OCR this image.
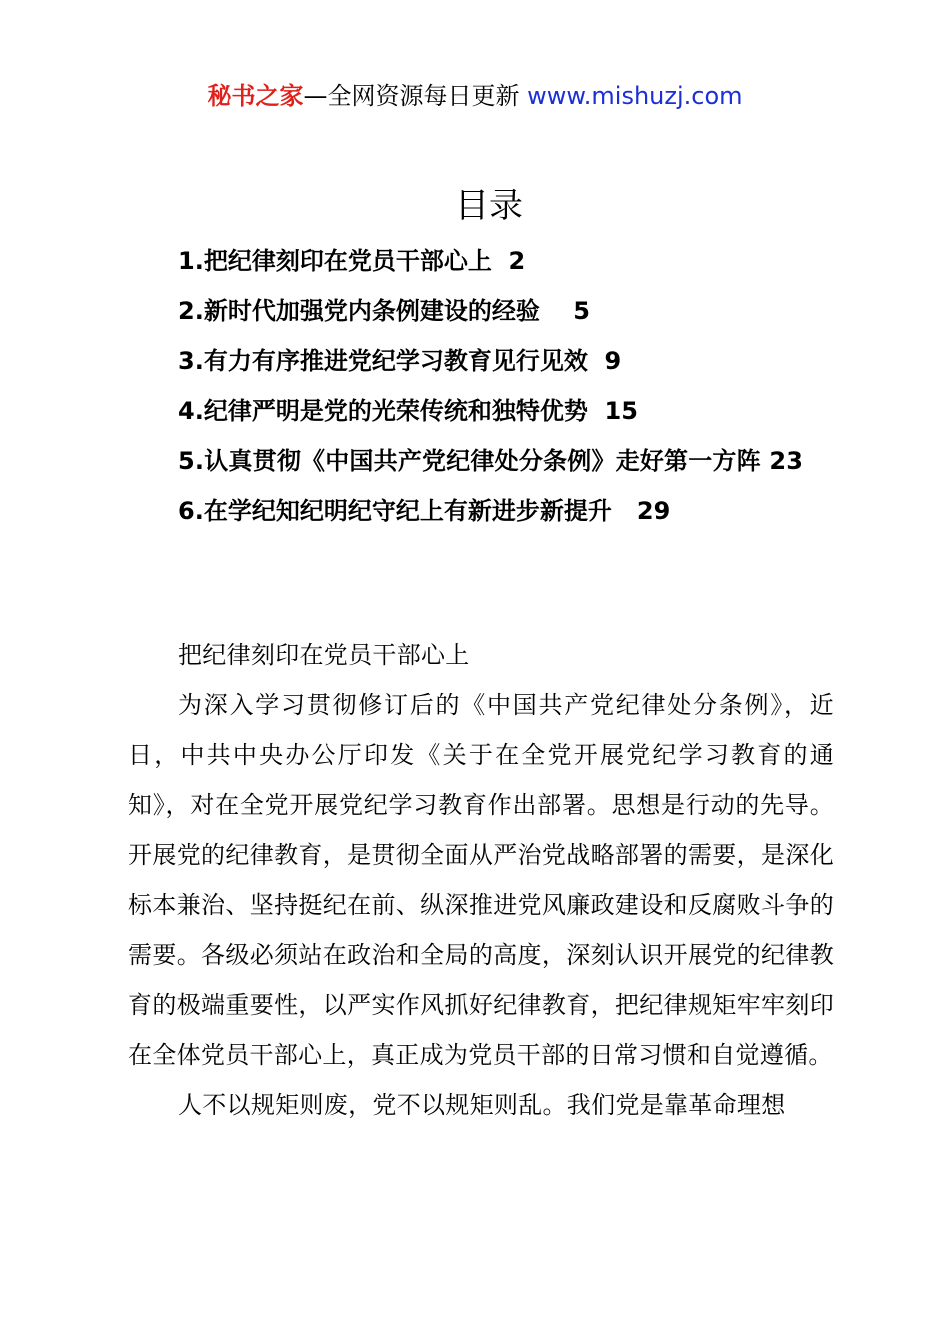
秘书之家—全网资源每日更新 www.mishuzj.com
目录
1.把纪律刻印在党员干部心上  2
2.新时代加强党内条例建设的经验    5
3.有力有序推进党纪学习教育见行见效  9
4.纪律严明是党的光荣传统和独特优势  15
5.认真贯彻《中国共产党纪律处分条例》走好第一方阵 23
6.在学纪知纪明纪守纪上有新进步新提升   29

把纪律刻印在党员干部心上

为深入学习贯彻修订后的《中国共产党纪律处分条例》，近日，中共中央办公厅印发《关于在全党开展党纪学习教育的通知》，对在全党开展党纪学习教育作出部署。思想是行动的先导。开展党的纪律教育，是贯彻全面从严治党战略部署的需要，是深化标本兼治、坚持挺纪在前、纵深推进党风廉政建设和反腐败斗争的需要。各级必须站在政治和全局的高度，深刻认识开展党的纪律教育的极端重要性，以严实作风抓好纪律教育，把纪律规矩牢牢刻印在全体党员干部心上，真正成为党员干部的日常习惯和自觉遵循。

人不以规矩则废，党不以规矩则乱。我们党是靠革命理想
